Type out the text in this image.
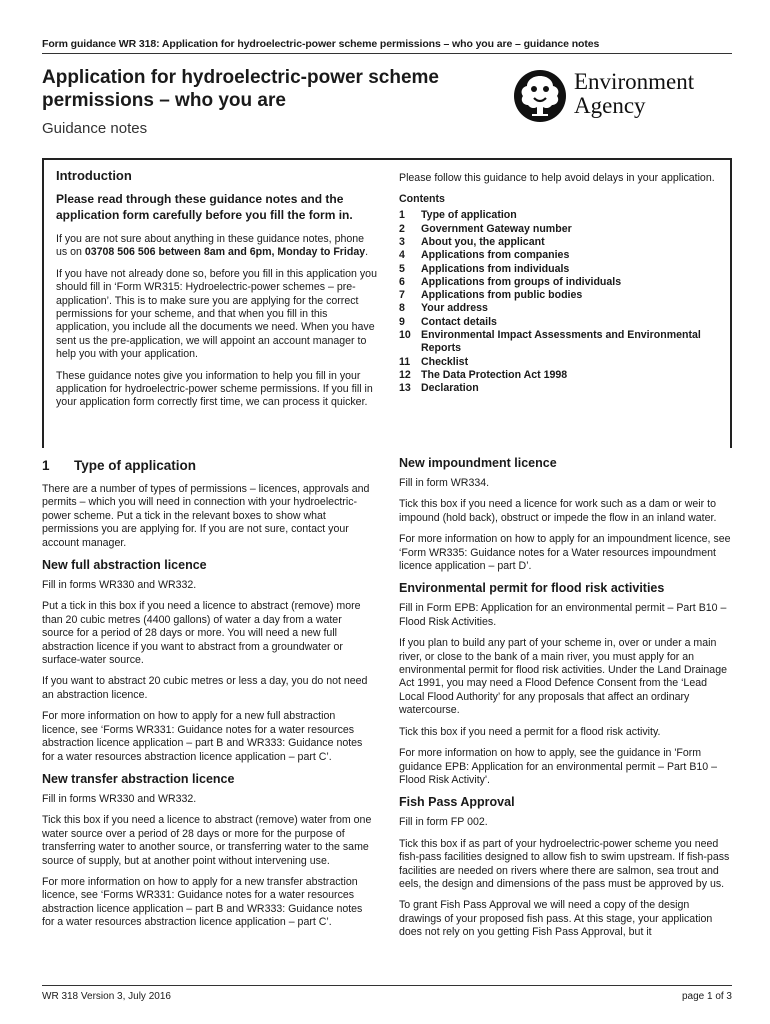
Form guidance WR 318: Application for hydroelectric-power scheme permissions – who you are – guidance notes
Application for hydroelectric-power scheme permissions – who you are
Guidance notes
Environment
Agency
Introduction
Please read through these guidance notes and the application form carefully before you fill the form in.

If you are not sure about anything in these guidance notes, phone us on 03708 506 506 between 8am and 6pm, Monday to Friday.

If you have not already done so, before you fill in this application you should fill in ‘Form WR315: Hydroelectric-power schemes – pre-application’. This is to make sure you are applying for the correct permissions for your scheme, and that when you fill in this application, you include all the documents we need. When you have sent us the pre-application, we will appoint an account manager to help you with your application.

These guidance notes give you information to help you fill in your application for hydroelectric-power scheme permissions. If you fill in your application form correctly first time, we can process it quicker.

Please follow this guidance to help avoid delays in your application.

Contents
1	Type of application
2	Government Gateway number
3	About you, the applicant
4	Applications from companies
5	Applications from individuals
6	Applications from groups of individuals
7	Applications from public bodies
8	Your address
9	Contact details
10 Environmental Impact Assessments and Environmental Reports
11	Checklist
12 The Data Protection Act 1998
13 Declaration
1	Type of application

There are a number of types of permissions – licences, approvals and permits – which you will need in connection with your hydroelectric-power scheme. Put a tick in the relevant boxes to show what permissions you are applying for. If you are not sure, contact your account manager.

New full abstraction licence

Fill in forms WR330 and WR332.

Put a tick in this box if you need a licence to abstract (remove) more than 20 cubic metres (4400 gallons) of water a day from a water source for a period of 28 days or more. You will need a new full abstraction licence if you want to abstract from a groundwater or surface-water source.

If you want to abstract 20 cubic metres or less a day, you do not need an abstraction licence.

For more information on how to apply for a new full abstraction licence, see ‘Forms WR331: Guidance notes for a water resources abstraction licence application – part B and WR333: Guidance notes for a water resources abstraction licence application – part C’.

New transfer abstraction licence

Fill in forms WR330 and WR332.

Tick this box if you need a licence to abstract (remove) water from one water source over a period of 28 days or more for the purpose of transferring water to another source, or transferring water to the same source of supply, but at another point without intervening use.

For more information on how to apply for a new transfer abstraction licence, see ‘Forms WR331: Guidance notes for a water resources abstraction licence application – part B and WR333: Guidance notes for a water resources abstraction licence application – part C’.

New impoundment licence

Fill in form WR334.

Tick this box if you need a licence for work such as a dam or weir to impound (hold back), obstruct or impede the flow in an inland water.

For more information on how to apply for an impoundment licence, see ‘Form WR335: Guidance notes for a Water resources impoundment licence application – part D’.

Environmental permit for flood risk activities

Fill in Form EPB: Application for an environmental permit – Part B10 – Flood Risk Activities.

If you plan to build any part of your scheme in, over or under a main river, or close to the bank of a main river, you must apply for an environmental permit for flood risk activities. Under the Land Drainage Act 1991, you may need a Flood Defence Consent from the ‘Lead Local Flood Authority’ for any proposals that affect an ordinary watercourse.

Tick this box if you need a permit for a flood risk activity.

For more information on how to apply, see the guidance in 'Form guidance EPB: Application for an environmental permit – Part B10 – Flood Risk Activity'.

Fish Pass Approval

Fill in form FP 002.

Tick this box if as part of your hydroelectric-power scheme you need fish-pass facilities designed to allow fish to swim upstream. If fish-pass facilities are needed on rivers where there are salmon, sea trout and eels, the design and dimensions of the pass must be approved by us.

To grant Fish Pass Approval we will need a copy of the design drawings of your proposed fish pass. At this stage, your application does not rely on you getting Fish Pass Approval, but it

WR 318 Version 3, July 2016	page 1 of 3
